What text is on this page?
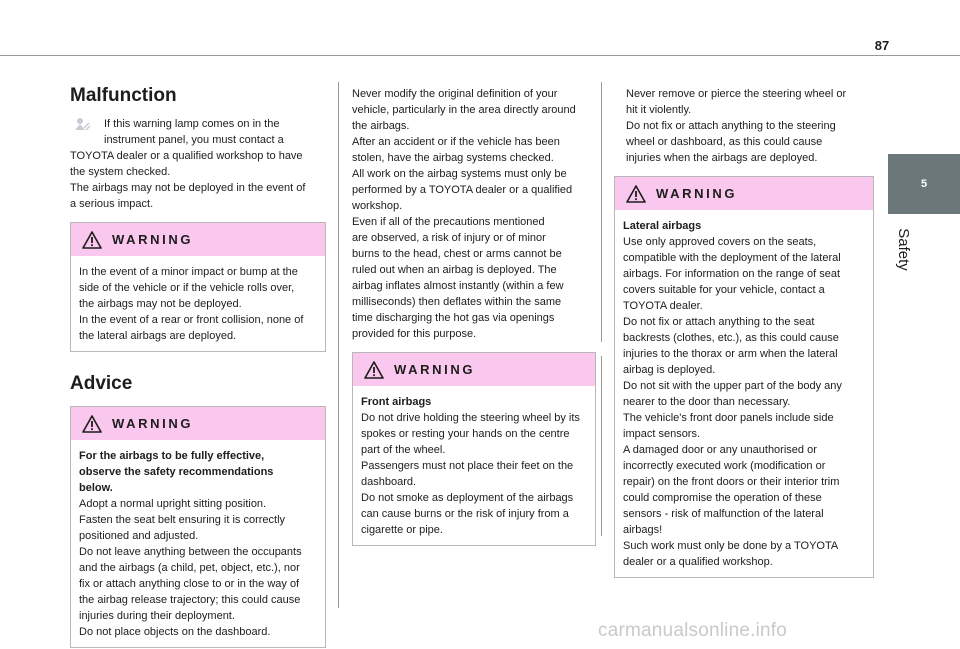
87
5
Safety
Malfunction

If this warning lamp comes on in the

instrument panel, you must contact a

TOYOTA dealer or a qualified workshop to have

the system checked.

The airbags may not be deployed in the event of

a serious impact.

WARNING

In the event of a minor impact or bump at the
side of the vehicle or if the vehicle rolls over,
the airbags may not be deployed.
In the event of a rear or front collision, none of
the lateral airbags are deployed.

Advice
WARNING
For the airbags to be fully effective,
observe the safety recommendations
below.

Adopt a normal upright sitting position.
Fasten the seat belt ensuring it is correctly
positioned and adjusted.
Do not leave anything between the occupants
and the airbags (a child, pet, object, etc.), nor
fix or attach anything close to or in the way of
the airbag release trajectory; this could cause
injuries during their deployment.
Do not place objects on the dashboard.

Never modify the original definition of your
vehicle, particularly in the area directly around
the airbags.
After an accident or if the vehicle has been
stolen, have the airbag systems checked.
All work on the airbag systems must only be
performed by a TOYOTA dealer or a qualified
workshop.
Even if all of the precautions mentioned
are observed, a risk of injury or of minor
burns to the head, chest or arms cannot be
ruled out when an airbag is deployed. The
airbag inflates almost instantly (within a few
milliseconds) then deflates within the same
time discharging the hot gas via openings
provided for this purpose.

WARNING
Front airbags

Do not drive holding the steering wheel by its
spokes or resting your hands on the centre
part of the wheel.
Passengers must not place their feet on the
dashboard.
Do not smoke as deployment of the airbags
can cause burns or the risk of injury from a
cigarette or pipe.

Never remove or pierce the steering wheel or
hit it violently.
Do not fix or attach anything to the steering
wheel or dashboard, as this could cause
injuries when the airbags are deployed.

WARNING
Lateral airbags

Use only approved covers on the seats,
compatible with the deployment of the lateral
airbags. For information on the range of seat
covers suitable for your vehicle, contact a
TOYOTA dealer.
Do not fix or attach anything to the seat
backrests (clothes, etc.), as this could cause
injuries to the thorax or arm when the lateral
airbag is deployed.
Do not sit with the upper part of the body any
nearer to the door than necessary.
The vehicle's front door panels include side
impact sensors.
A damaged door or any unauthorised or
incorrectly executed work (modification or
repair) on the front doors or their interior trim
could compromise the operation of these
sensors - risk of malfunction of the lateral
airbags!
Such work must only be done by a TOYOTA
dealer or a qualified workshop.

carmanualsonline.info
